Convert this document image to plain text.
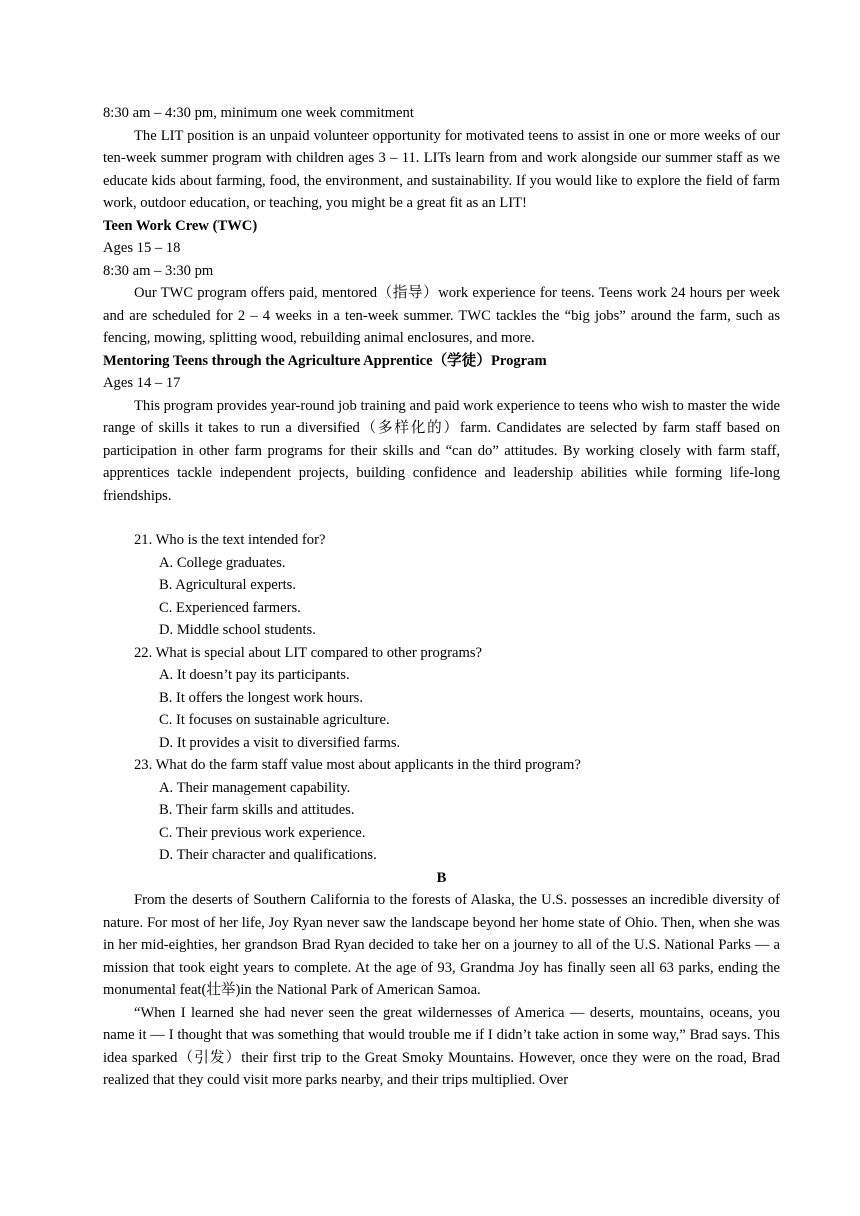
8:30 am – 4:30 pm, minimum one week commitment
The LIT position is an unpaid volunteer opportunity for motivated teens to assist in one or more weeks of our ten-week summer program with children ages 3 – 11. LITs learn from and work alongside our summer staff as we educate kids about farming, food, the environment, and sustainability. If you would like to explore the field of farm work, outdoor education, or teaching, you might be a great fit as an LIT!
Teen Work Crew (TWC)
Ages 15 – 18
8:30 am – 3:30 pm
Our TWC program offers paid, mentored（指导）work experience for teens. Teens work 24 hours per week and are scheduled for 2 – 4 weeks in a ten-week summer. TWC tackles the “big jobs” around the farm, such as fencing, mowing, splitting wood, rebuilding animal enclosures, and more.
Mentoring Teens through the Agriculture Apprentice（学徒）Program
Ages 14 – 17
This program provides year-round job training and paid work experience to teens who wish to master the wide range of skills it takes to run a diversified（多样化的）farm. Candidates are selected by farm staff based on participation in other farm programs for their skills and “can do” attitudes. By working closely with farm staff, apprentices tackle independent projects, building confidence and leadership abilities while forming life-long friendships.
21. Who is the text intended for?
A. College graduates.
B. Agricultural experts.
C. Experienced farmers.
D. Middle school students.
22. What is special about LIT compared to other programs?
A. It doesn’t pay its participants.
B. It offers the longest work hours.
C. It focuses on sustainable agriculture.
D. It provides a visit to diversified farms.
23. What do the farm staff value most about applicants in the third program?
A. Their management capability.
B. Their farm skills and attitudes.
C. Their previous work experience.
D. Their character and qualifications.
B
From the deserts of Southern California to the forests of Alaska, the U.S. possesses an incredible diversity of nature. For most of her life, Joy Ryan never saw the landscape beyond her home state of Ohio. Then, when she was in her mid-eighties, her grandson Brad Ryan decided to take her on a journey to all of the U.S. National Parks — a mission that took eight years to complete. At the age of 93, Grandma Joy has finally seen all 63 parks, ending the monumental feat(壮举)in the National Park of American Samoa.
“When I learned she had never seen the great wildernesses of America — deserts, mountains, oceans, you name it — I thought that was something that would trouble me if I didn’t take action in some way,” Brad says. This idea sparked（引发）their first trip to the Great Smoky Mountains. However, once they were on the road, Brad realized that they could visit more parks nearby, and their trips multiplied. Over
